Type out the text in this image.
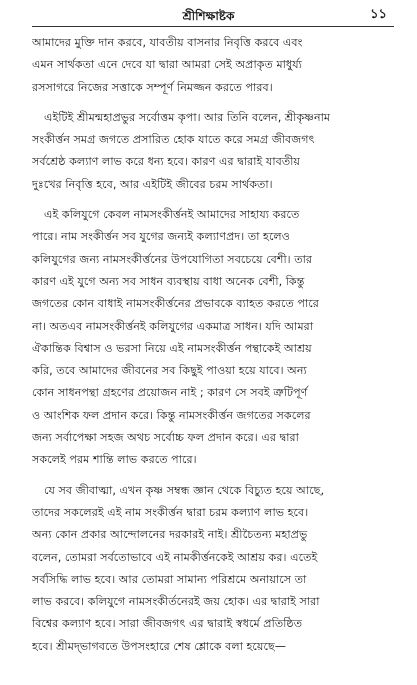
শ্রীশিক্ষাষ্টক	১১
আমাদের মুক্তি দান করবে, যাবতীয় বাসনার নিবৃত্তি করবে এবং
এমন সার্থকতা এনে দেবে যা দ্বারা আমরা সেই অপ্রাকৃত মাধুর্য্য
রসসাগরে নিজের সত্তাকে সম্পূর্ণ নিমজ্জন করতে পারব।
এইটিই শ্রীমন্মহাপ্রভুর সর্বোত্তম কৃপা। আর তিনি বলেন, শ্রীকৃষ্ণনাম
সংকীর্ত্তন সমগ্র জগতে প্রসারিত হোক যাতে করে সমগ্র জীবজগৎ
সর্বশ্রেষ্ঠ কল্যাণ লাভ করে ধন্য হবে। কারণ এর দ্বারাই যাবতীয়
দুঃখের নিবৃত্তি হবে, আর এইটিই জীবের চরম সার্থকতা।
এই কলিযুগে কেবল নামসংকীর্ত্তনই আমাদের সাহায্য করতে
পারে। নাম সংকীর্ত্তন সব যুগের জন্যই কল্যাণপ্রদ। তা হলেও
কলিযুগের জন্য নামসংকীর্ত্তনের উপযোগিতা সবচেয়ে বেশী। তার
কারণ এই যুগে অন্য সব সাধন ব্যবস্থায় বাধা অনেক বেশী, কিন্তু
জগতের কোন বাধাই নামসংকীর্ত্তনের প্রভাবকে ব্যাহত করতে পারে
না। অতএব নামসংকীর্ত্তনই কলিযুগের একমাত্র সাধন। যদি আমরা
ঐকান্তিক বিশ্বাস ও ভরসা নিয়ে এই নামসংকীর্ত্তন পন্থাকেই আশ্রয়
করি, তবে আমাদের জীবনের সব কিছুই পাওয়া হয়ে যাবে। অন্য
কোন সাধনপন্থা গ্রহণের প্রয়োজন নাই ; কারণ সে সবই ত্রুটিপূর্ণ
ও আংশিক ফল প্রদান করে। কিন্তু নামসংকীর্ত্তন জগতের সকলের
জন্য সর্বাপেক্ষা সহজ অথচ সর্বোচ্চ ফল প্রদান করে। এর দ্বারা
সকলেই পরম শান্তি লাভ করতে পারে।
যে সব জীবাত্মা, এখন কৃষ্ণ সম্বন্ধ জ্ঞান থেকে বিচ্যুত হয়ে আছে,
তাদের সকলেরই এই নাম সংকীর্ত্তন দ্বারা চরম কল্যাণ লাভ হবে।
অন্য কোন প্রকার আন্দোলনের দরকারই নাই। শ্রীচৈতন্য মহাপ্রভু
বলেন, তোমরা সর্বতোভাবে এই নামকীর্ত্তনকেই আশ্রয় কর। এতেই
সর্বসিদ্ধি লাভ হবে। আর তোমরা সামান্য পরিশ্রমে অনায়াসে তা
লাভ করবে। কলিযুগে নামসংকীর্তনেরই জয় হোক। এর দ্বারাই সারা
বিশ্বের কল্যাণ হবে। সারা জীবজগৎ এর দ্বারাই স্বধর্মে প্রতিষ্ঠিত
হবে। শ্রীমদ্‌ভাগবতে উপসংহারে শেষ শ্লোকে বলা হয়েছে—
